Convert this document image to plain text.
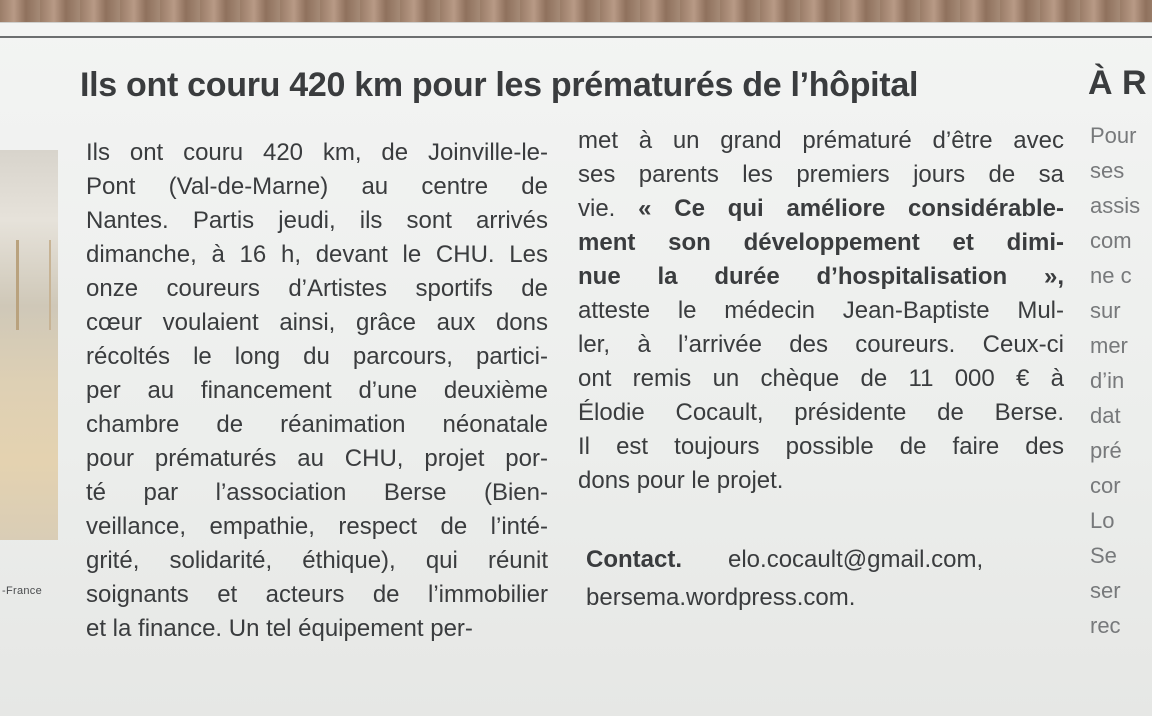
-France
Ils ont couru 420 km pour les prématurés de l’hôpital	À R
Ils ont couru 420 km, de Joinville-le-
Pont (Val-de-Marne) au centre de
Nantes. Partis jeudi, ils sont arrivés
dimanche, à 16 h, devant le CHU. Les
onze coureurs d’Artistes sportifs de
cœur voulaient ainsi, grâce aux dons
récoltés le long du parcours, partici-
per au financement d’une deuxième
chambre de réanimation néonatale
pour prématurés au CHU, projet por-
té par l’association Berse (Bien-
veillance, empathie, respect de l’inté-
grité, solidarité, éthique), qui réunit
soignants et acteurs de l’immobilier
et la finance. Un tel équipement per-
met à un grand prématuré d’être avec
ses parents les premiers jours de sa
vie. « Ce qui améliore considérable-
ment son développement et dimi-
nue la durée d’hospitalisation »,
atteste le médecin Jean-Baptiste Mul-
ler, à l’arrivée des coureurs. Ceux-ci
ont remis un chèque de 11 000 € à
Élodie Cocault, présidente de Berse.
Il est toujours possible de faire des
dons pour le projet.
Contact. elo.cocault@gmail.com,
bersema.wordpress.com.
Pour
ses
assis
com
ne c
sur
mer
d’in
dat
pré
cor
Lo
Se
ser
rec
